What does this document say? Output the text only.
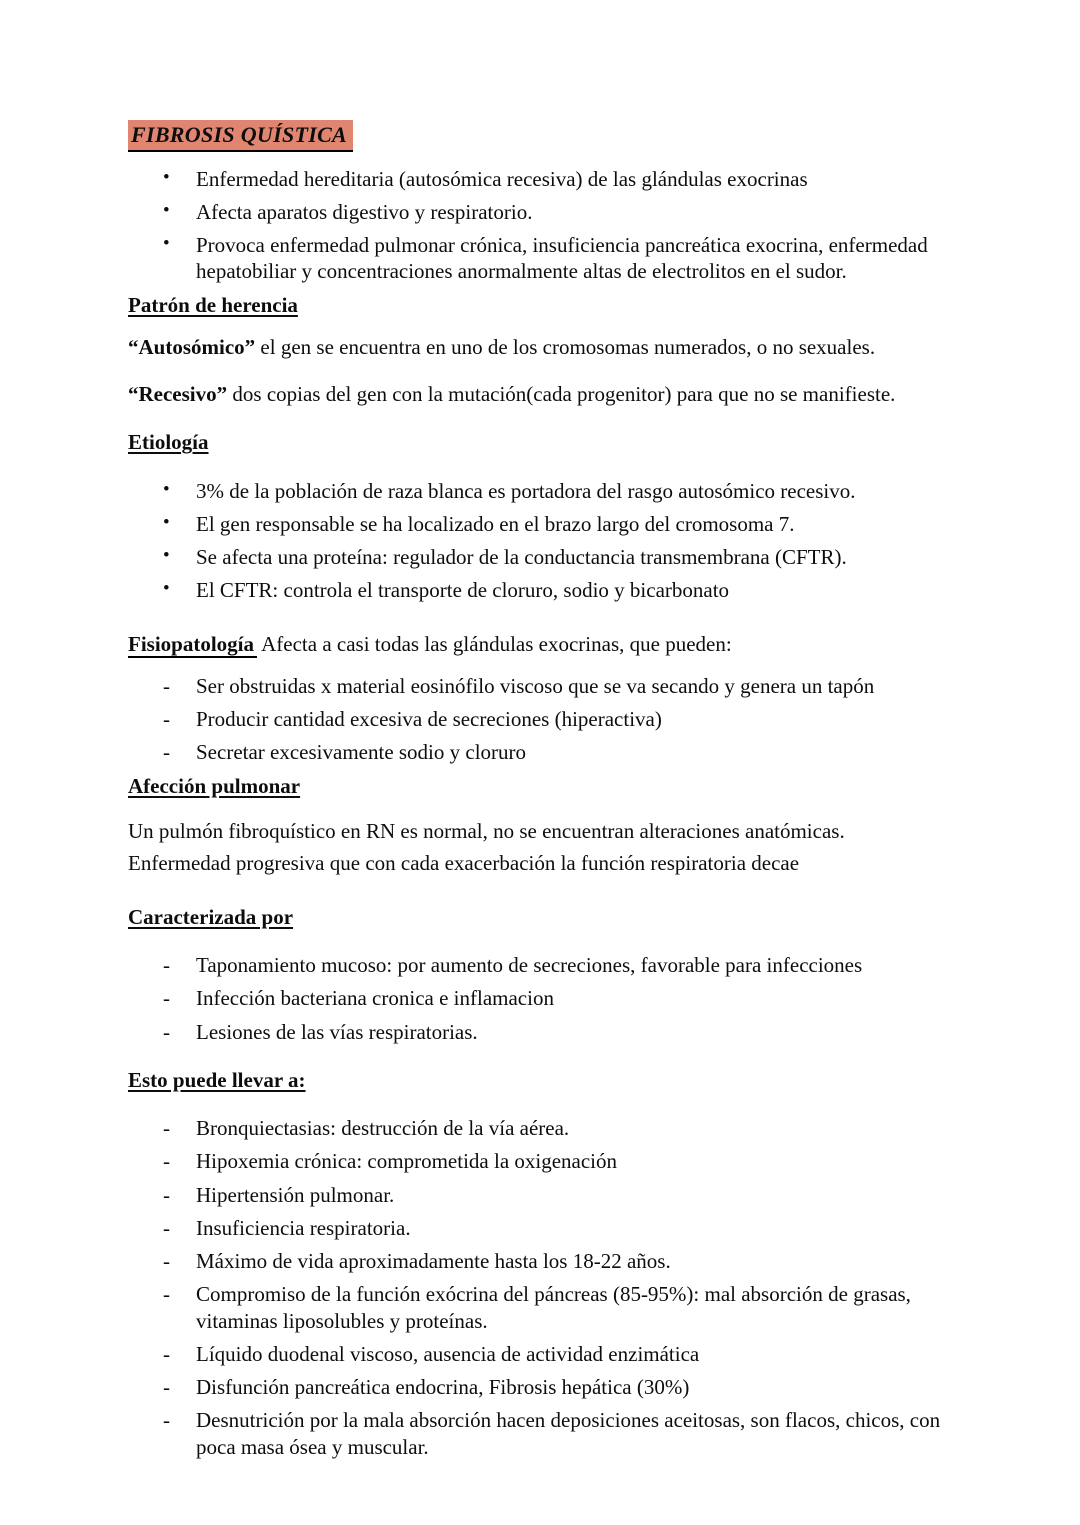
FIBROSIS QUÍSTICA
•	Enfermedad hereditaria (autosómica recesiva) de las glándulas exocrinas
•	Afecta aparatos digestivo y respiratorio.
•	Provoca enfermedad pulmonar crónica, insuficiencia pancreática exocrina, enfermedad hepatobiliar y concentraciones anormalmente altas de electrolitos en el sudor.
Patrón de herencia

“Autosómico” el gen se encuentra en uno de los cromosomas numerados, o no sexuales.

“Recesivo” dos copias del gen con la mutación(cada progenitor) para que no se manifieste.

Etiología
•	3% de la población de raza blanca es portadora del rasgo autosómico recesivo.
•	El gen responsable se ha localizado en el brazo largo del cromosoma 7.
•	Se afecta una proteína: regulador de la conductancia transmembrana (CFTR).
•	El CFTR: controla el transporte de cloruro, sodio y bicarbonato

Fisiopatología Afecta a casi todas las glándulas exocrinas, que pueden:

-	Ser obstruidas x material eosinófilo viscoso que se va secando y genera un tapón
-	Producir cantidad excesiva de secreciones (hiperactiva)
-	Secretar excesivamente sodio y cloruro
Afección pulmonar

Un pulmón fibroquístico en RN es normal, no se encuentran alteraciones anatómicas.
Enfermedad progresiva que con cada exacerbación la función respiratoria decae

Caracterizada por
-	Taponamiento mucoso: por aumento de secreciones, favorable para infecciones
-	Infección bacteriana cronica e inflamacion
-	Lesiones de las vías respiratorias.
Esto puede llevar a:
-	Bronquiectasias: destrucción de la vía aérea.
-	Hipoxemia crónica: comprometida la oxigenación
-	Hipertensión pulmonar.
-	Insuficiencia respiratoria.
-	Máximo de vida aproximadamente hasta los 18-22 años.
-	Compromiso de la función exócrina del páncreas (85-95%): mal absorción de grasas, vitaminas liposolubles y proteínas.
-	Líquido duodenal viscoso, ausencia de actividad enzimática
-	Disfunción pancreática endocrina, Fibrosis hepática (30%)
-	Desnutrición por la mala absorción hacen deposiciones aceitosas, son flacos, chicos, con poca masa ósea y muscular.
